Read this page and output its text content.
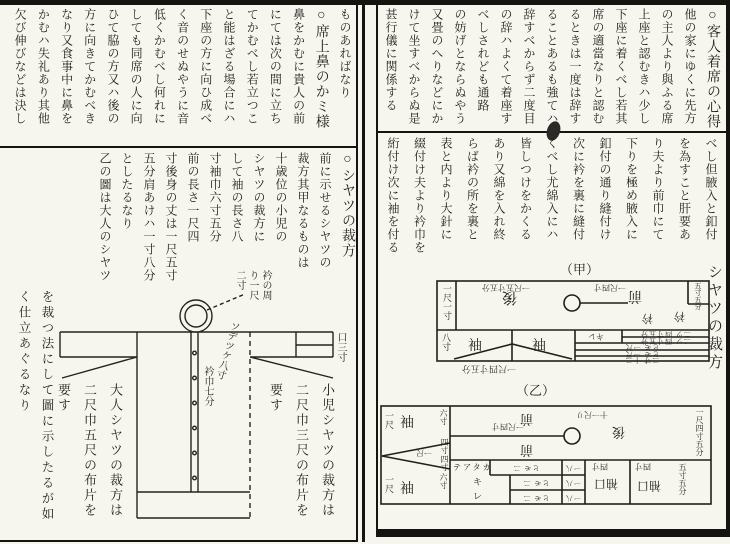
○客人着席の心得
他の家にゆくに先方
の主人より與ふる席
上座と認むきハ少し
下座に着くべし若其
席の適當なりと認む
るときは一度は辞す
ることあるも強てハ
辞すべからず二度目
の辞ハよくて着座す
べしされども通路
の妨げとならぬやう
又畳のへりなどにか
けて坐すべからぬ是
甚行儀に関係する
べし但腋入と釦付
を為すこと肝要あ
り夫より前巾にて
下りを極め腋入に
釦付の通り縫付け
次に衿を裏に縫付
くべし尤綿入にハ
皆しつけをかくる
あり又綿を入れ終
らば衿の所を裏と
表と内より大針に
綴付け夫より衿巾を
絎付け次に袖を付る
（甲）	シヤツの裁方
一尺一寸	一尺五寸五分
後
一尺四寸
前
衿 衿
五寸五分
八寸 袖	袖
キレ	二ツ 四寸五分
二ツ 四寸五分
ヒモ 一尺
ヒモ 一尺
二寸 十二
一尺四寸五分
（乙）
一尺 袖	六寸
四寸
四寸
一尺
一尺 袖
六寸
一尺四寸
前
前
十一尺リ
後	一尺四寸五分
テアタカ
キ
レ
ヒモ 二	一八
ヒモ 二	一八
ヒモ 二	一八
四寸
袖口
四寸
袖口 五寸五分
ものあればなり
○席上鼻のかミ様
鼻をかむに貴人の前
にては次の間に立ち
てかむべし若立つこ
と能はざる場合にハ
下座の方に向ひ成べ
く音のせぬやうに音
低くかむべし何れに
しても同席の人に向
ひて脇の方又ハ後の
方に向きてかむべき
なり又食事中に鼻を
かむハ失礼あり其他
欠び伸びなどは決し
○シヤツの裁方
前に示せるシヤツの
裁方其甲なるものは
十歳位の小児の
シヤツの裁方に
して袖の長さ八
寸袖巾六寸五分
前の長さ一尺四
寸後身の丈は一尺五寸
五分肩あけハ一寸八分
としたるなり
乙の圖は大人のシヤツ
を裁つ法にして圖に示したるが如
く仕立あぐるなり
小児シヤツの裁方は
二尺巾三尺の布片を
要す
大人シヤツの裁方は
二尺巾五尺の布片を
要す
衿の周
り一尺
二寸
ソデツケ八寸
衿巾七分
口三寸
